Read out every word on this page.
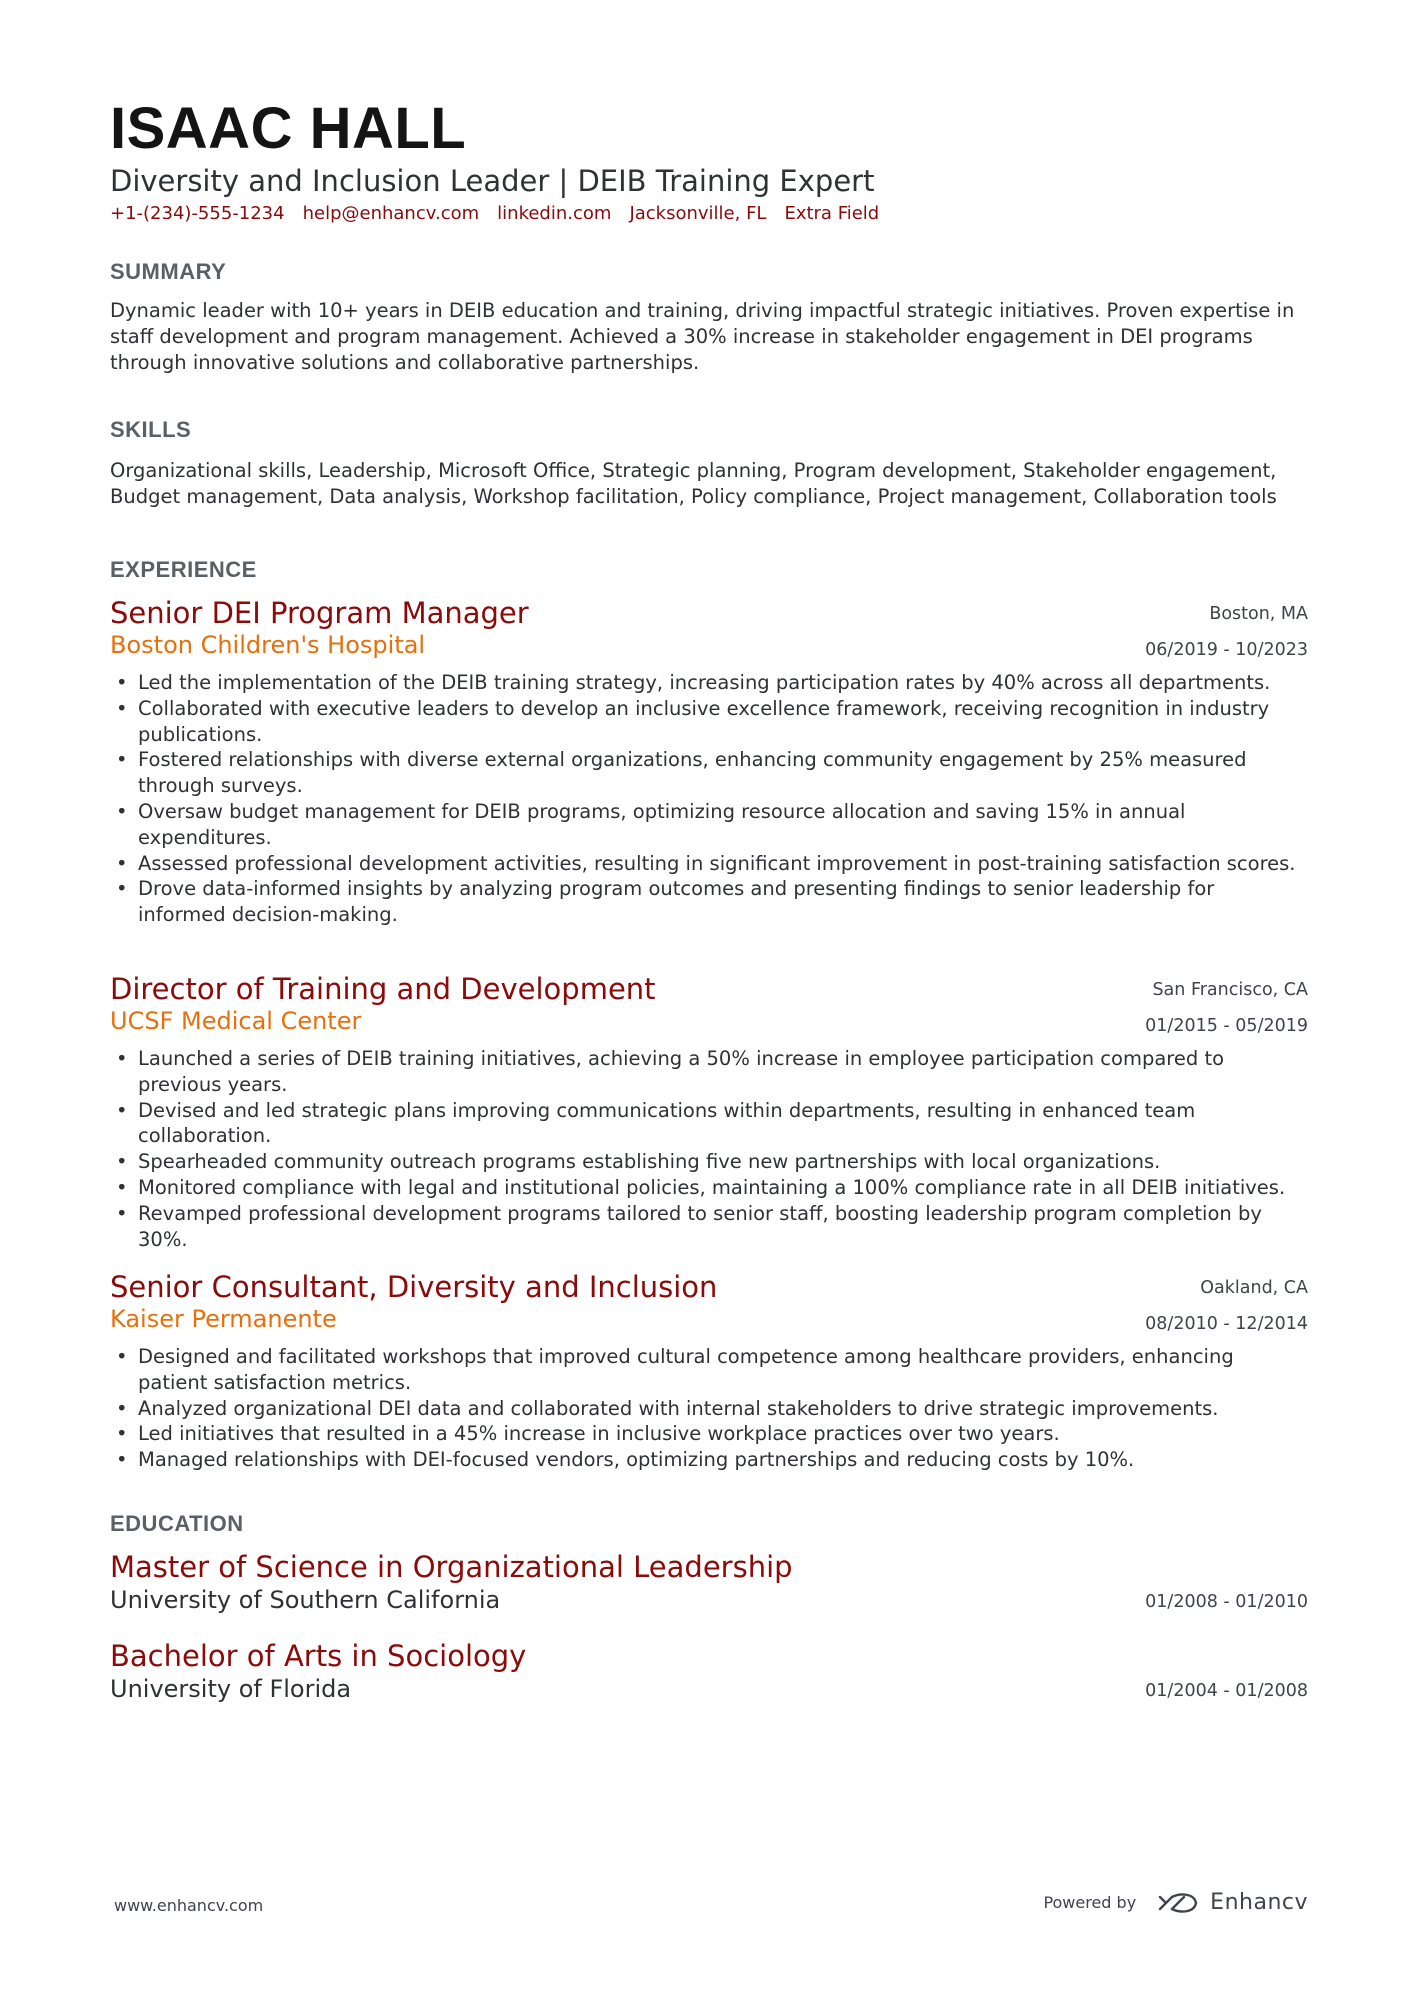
ISAAC HALL
Diversity and Inclusion Leader | DEIB Training Expert
+1-(234)-555-1234 help@enhancv.com linkedin.com Jacksonville, FL Extra Field
SUMMARY
Dynamic leader with 10+ years in DEIB education and training, driving impactful strategic initiatives. Proven expertise in staff development and program management. Achieved a 30% increase in stakeholder engagement in DEI programs through innovative solutions and collaborative partnerships.
SKILLS
Organizational skills, Leadership, Microsoft Office, Strategic planning, Program development, Stakeholder engagement, Budget management, Data analysis, Workshop facilitation, Policy compliance, Project management, Collaboration tools
EXPERIENCE
Senior DEI Program Manager
Boston Children's Hospital
Boston, MA
06/2019 - 10/2023
• Led the implementation of the DEIB training strategy, increasing participation rates by 40% across all departments.
• Collaborated with executive leaders to develop an inclusive excellence framework, receiving recognition in industry publications.
• Fostered relationships with diverse external organizations, enhancing community engagement by 25% measured through surveys.
• Oversaw budget management for DEIB programs, optimizing resource allocation and saving 15% in annual expenditures.
• Assessed professional development activities, resulting in significant improvement in post-training satisfaction scores.
• Drove data-informed insights by analyzing program outcomes and presenting findings to senior leadership for informed decision-making.
Director of Training and Development
UCSF Medical Center
San Francisco, CA
01/2015 - 05/2019
• Launched a series of DEIB training initiatives, achieving a 50% increase in employee participation compared to previous years.
• Devised and led strategic plans improving communications within departments, resulting in enhanced team collaboration.
• Spearheaded community outreach programs establishing five new partnerships with local organizations.
• Monitored compliance with legal and institutional policies, maintaining a 100% compliance rate in all DEIB initiatives.
• Revamped professional development programs tailored to senior staff, boosting leadership program completion by 30%.
Senior Consultant, Diversity and Inclusion
Kaiser Permanente
Oakland, CA
08/2010 - 12/2014
• Designed and facilitated workshops that improved cultural competence among healthcare providers, enhancing patient satisfaction metrics.
• Analyzed organizational DEI data and collaborated with internal stakeholders to drive strategic improvements.
• Led initiatives that resulted in a 45% increase in inclusive workplace practices over two years.
• Managed relationships with DEI-focused vendors, optimizing partnerships and reducing costs by 10%.
EDUCATION
Master of Science in Organizational Leadership
University of Southern California	01/2008 - 01/2010
Bachelor of Arts in Sociology
University of Florida	01/2004 - 01/2008
www.enhancv.com	Powered by	Enhancv
